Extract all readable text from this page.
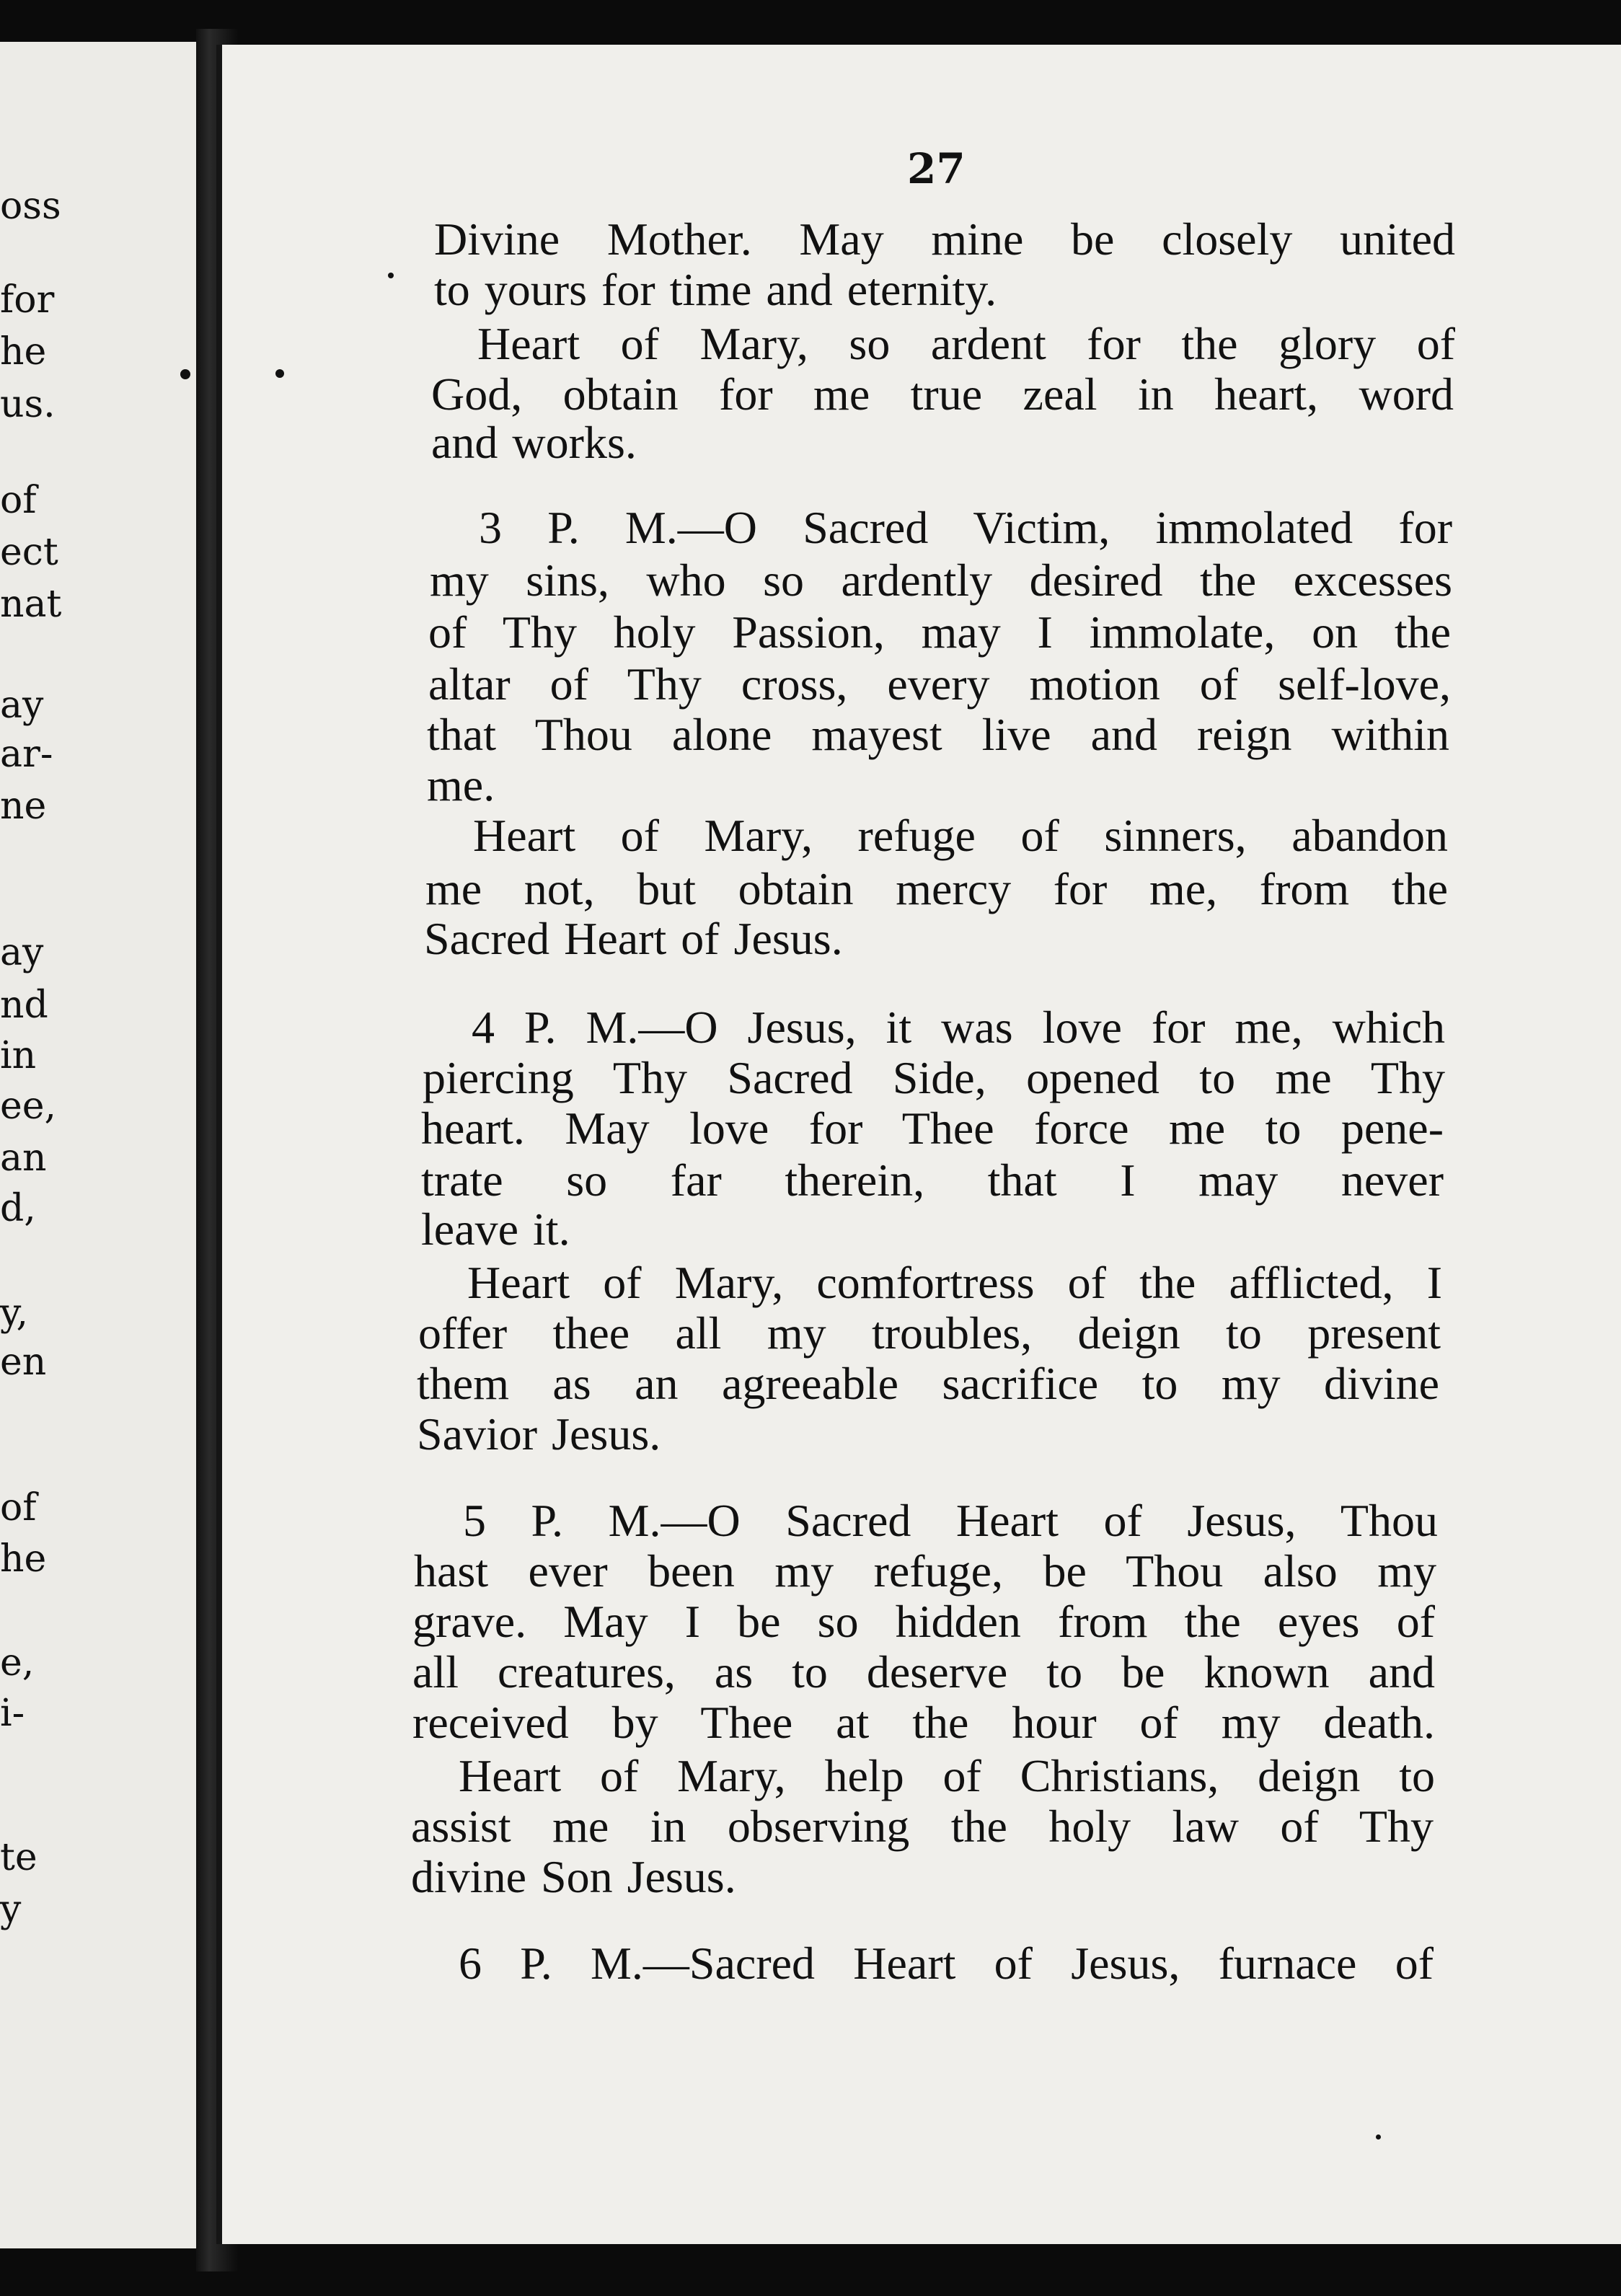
oss
for
he
us.
of
ect
nat
ay
ar-
ne
ay
nd
in
ee,
an
d,
y,
en
of
he
e,
i-
te
y
27
Divine Mother. May mine be closely united
to yours for time and eternity.
Heart of Mary, so ardent for the glory of
God, obtain for me true zeal in heart, word
and works.
3 P. M.—O Sacred Victim, immolated for
my sins, who so ardently desired the excesses
of Thy holy Passion, may I immolate, on the
altar of Thy cross, every motion of self-love,
that Thou alone mayest live and reign within
me.
Heart of Mary, refuge of sinners, abandon
me not, but obtain mercy for me, from the
Sacred Heart of Jesus.
4 P. M.—O Jesus, it was love for me, which
piercing Thy Sacred Side, opened to me Thy
heart. May love for Thee force me to pene-
trate so far therein, that I may never
leave it.
Heart of Mary, comfortress of the afflicted, I
offer thee all my troubles, deign to present
them as an agreeable sacrifice to my divine
Savior Jesus.
5 P. M.—O Sacred Heart of Jesus, Thou
hast ever been my refuge, be Thou also my
grave. May I be so hidden from the eyes of
all creatures, as to deserve to be known and
received by Thee at the hour of my death.
Heart of Mary, help of Christians, deign to
assist me in observing the holy law of Thy
divine Son Jesus.
6 P. M.—Sacred Heart of Jesus, furnace of
